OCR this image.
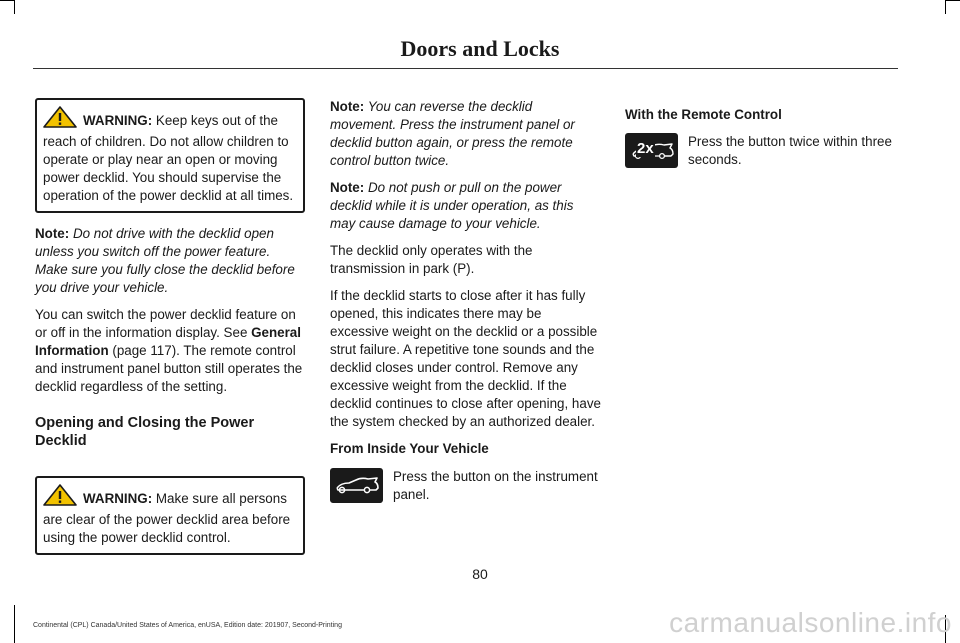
Doors and Locks
WARNING: Keep keys out of the reach of children. Do not allow children to operate or play near an open or moving power decklid. You should supervise the operation of the power decklid at all times.

Note: Do not drive with the decklid open unless you switch off the power feature. Make sure you fully close the decklid before you drive your vehicle.

You can switch the power decklid feature on or off in the information display. See General Information (page 117). The remote control and instrument panel button still operates the decklid regardless of the setting.

Opening and Closing the Power Decklid
WARNING: Make sure all persons are clear of the power decklid area before using the power decklid control.

Note: You can reverse the decklid movement. Press the instrument panel or decklid button again, or press the remote control button twice.

Note: Do not push or pull on the power decklid while it is under operation, as this may cause damage to your vehicle.

The decklid only operates with the transmission in park (P).

If the decklid starts to close after it has fully opened, this indicates there may be excessive weight on the decklid or a possible strut failure. A repetitive tone sounds and the decklid closes under control. Remove any excessive weight from the decklid. If the decklid continues to close after opening, have the system checked by an authorized dealer.

From Inside Your Vehicle

Press the button on the instrument panel.

With the Remote Control

2x	Press the button twice within three seconds.
80
Continental (CPL) Canada/United States of America, enUSA, Edition date: 201907, Second-Printing	carmanualsonline.info
